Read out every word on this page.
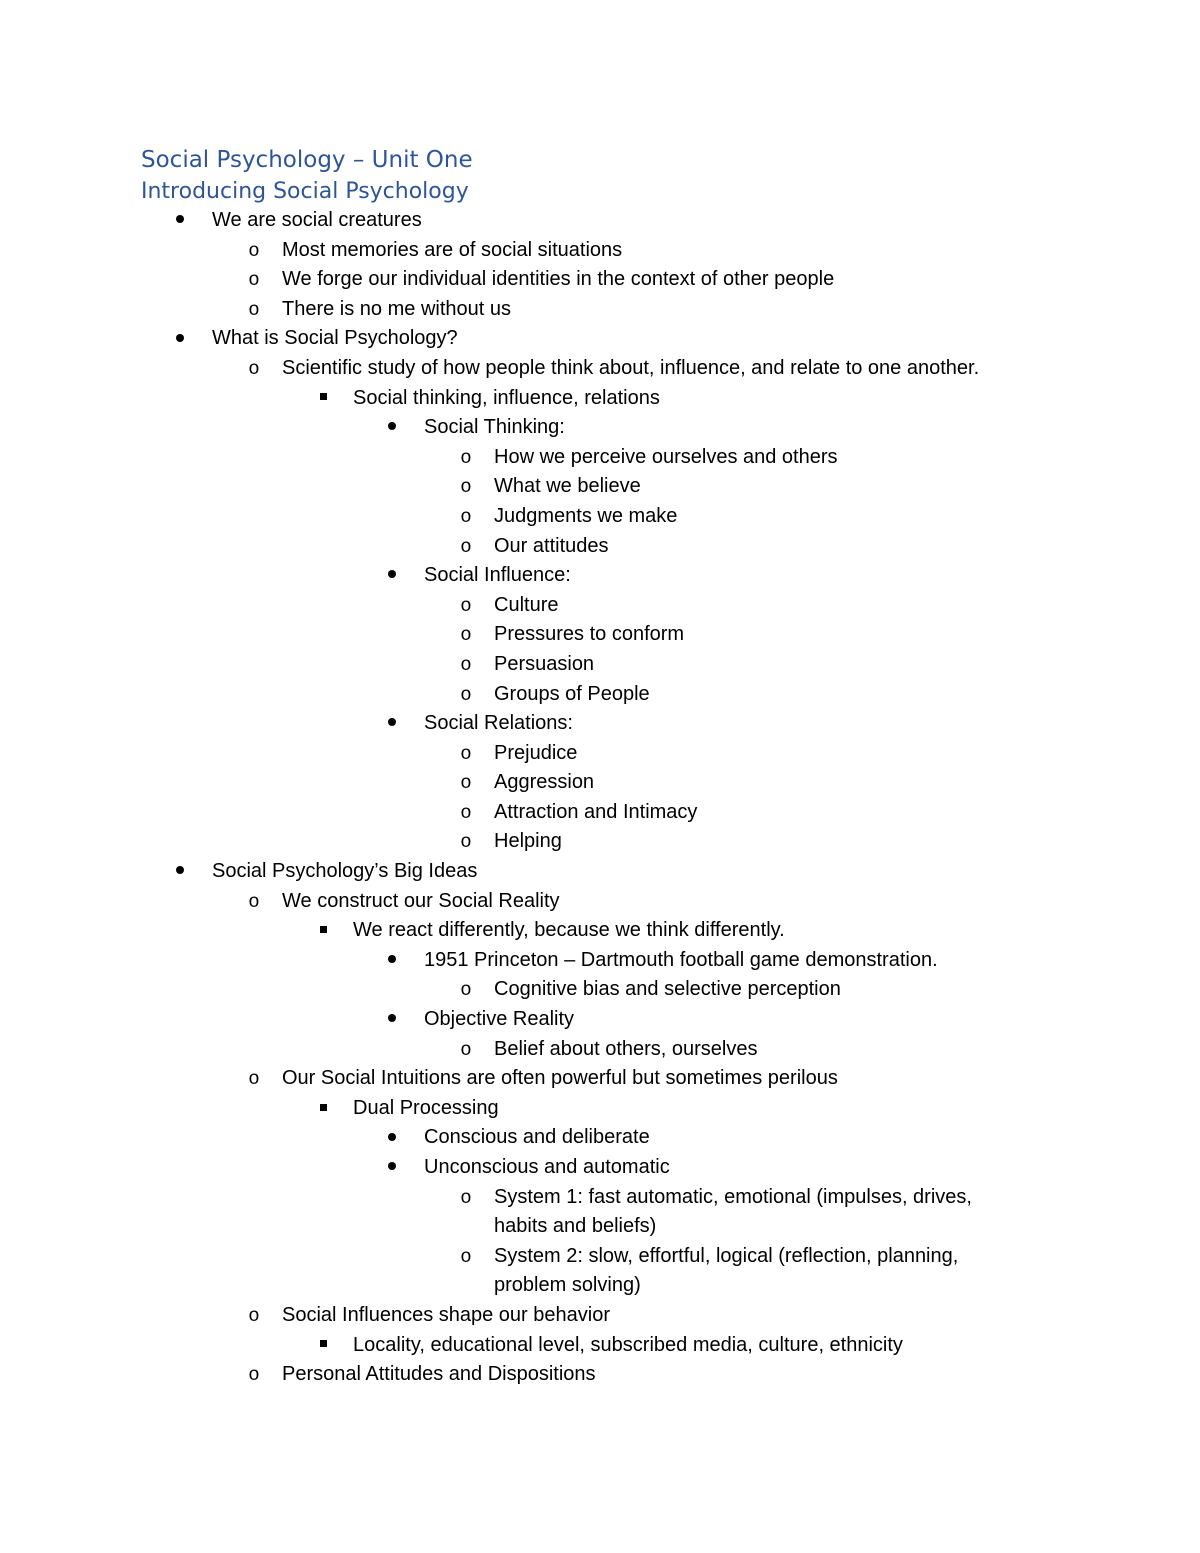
Social Psychology – Unit One
Introducing Social Psychology
We are social creatures
o Most memories are of social situations
o We forge our individual identities in the context of other people
o There is no me without us
What is Social Psychology?
o Scientific study of how people think about, influence, and relate to one another.
Social thinking, influence, relations
Social Thinking:
o How we perceive ourselves and others
o What we believe
o Judgments we make
o Our attitudes
Social Influence:
o Culture
o Pressures to conform
o Persuasion
o Groups of People
Social Relations:
o Prejudice
o Aggression
o Attraction and Intimacy
o Helping
Social Psychology’s Big Ideas
o We construct our Social Reality
We react differently, because we think differently.
1951 Princeton – Dartmouth football game demonstration.
o Cognitive bias and selective perception
Objective Reality
o Belief about others, ourselves
o Our Social Intuitions are often powerful but sometimes perilous
Dual Processing
Conscious and deliberate
Unconscious and automatic
o System 1: fast automatic, emotional (impulses, drives,
habits and beliefs)
o System 2: slow, effortful, logical (reflection, planning,
problem solving)
o Social Influences shape our behavior
Locality, educational level, subscribed media, culture, ethnicity
o Personal Attitudes and Dispositions
